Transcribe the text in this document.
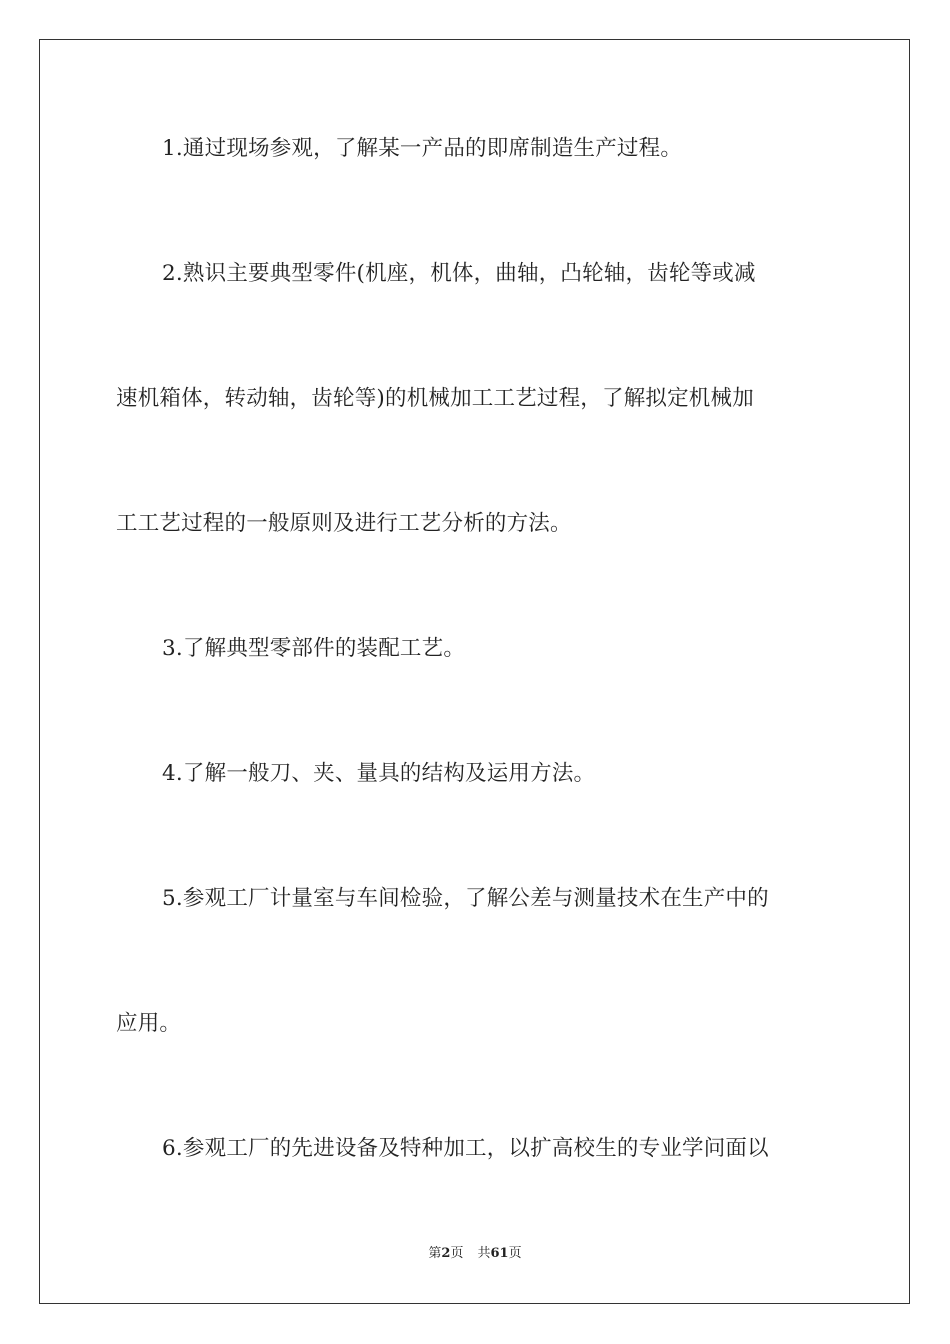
1.通过现场参观，了解某一产品的即席制造生产过程。
2.熟识主要典型零件(机座，机体，曲轴，凸轮轴，齿轮等或减
速机箱体，转动轴，齿轮等)的机械加工工艺过程，了解拟定机械加
工工艺过程的一般原则及进行工艺分析的方法。
3.了解典型零部件的装配工艺。
4.了解一般刀、夹、量具的结构及运用方法。
5.参观工厂计量室与车间检验，了解公差与测量技术在生产中的
应用。
6.参观工厂的先进设备及特种加工，以扩高校生的专业学问面以
第2页 共61页
